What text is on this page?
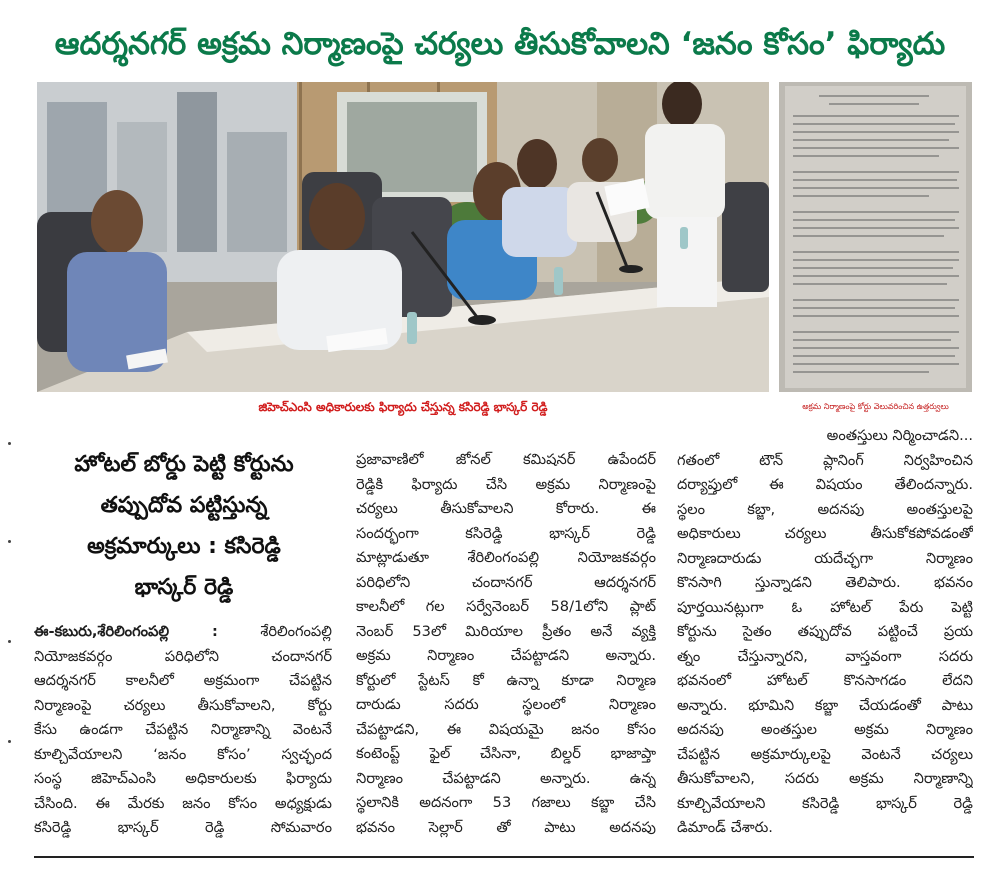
ఆదర్శనగర్ అక్రమ నిర్మాణంపై చర్యలు తీసుకోవాలని ‘జనం కోసం’ ఫిర్యాదు
జిహెచ్ఎంసి అధికారులకు ఫిర్యాదు చేస్తున్న కసిరెడ్డి భాస్కర్ రెడ్డి	అక్రమ నిర్మాణంపై కోర్టు వెలువరించిన ఉత్తర్వులు
హోటల్ బోర్డు పెట్టి కోర్టును
తప్పుదోవ పట్టిస్తున్న
అక్రమార్కులు : కసిరెడ్డి
భాస్కర్ రెడ్డి
ఈ-కబురు,శేరిలింగంపల్లి :	శేరిలింగంపల్లి
నియోజకవర్గం పరిధిలోని చందానగర్
ఆదర్శనగర్ కాలనీలో అక్రమంగా చేపట్టిన
నిర్మాణంపై చర్యలు తీసుకోవాలని, కోర్టు
కేసు ఉండగా చేపట్టిన నిర్మాణాన్ని వెంటనే
కూల్చివేయాలని ‘జనం కోసం’ స్వచ్ఛంద
సంస్థ జిహెచ్ఎంసి అధికారులకు ఫిర్యాదు
చేసింది. ఈ మేరకు జనం కోసం అధ్యక్షుడు
కసిరెడ్డి భాస్కర్ రెడ్డి సోమవారం
ప్రజావాణిలో జోనల్ కమిషనర్ ఉపేందర్
రెడ్డికి ఫిర్యాదు చేసి అక్రమ నిర్మాణంపై
చర్యలు తీసుకోవాలని కోరారు. ఈ
సందర్భంగా కసిరెడ్డి భాస్కర్ రెడ్డి
మాట్లాడుతూ శేరిలింగంపల్లి నియోజకవర్గం
పరిధిలోని చందానగర్ ఆదర్శనగర్
కాలనీలో గల సర్వేనెంబర్ 58/1లోని ప్లాట్
నెంబర్ 53లో మిరియాల ప్రీతం అనే వ్యక్తి
అక్రమ నిర్మాణం చేపట్టాడని అన్నారు.
కోర్టులో స్టేటస్ కో ఉన్నా కూడా నిర్మాణ
దారుడు సదరు స్థలంలో నిర్మాణం
చేపట్టాడని, ఈ విషయమై జనం కోసం
కంటెంప్ట్ ఫైల్ చేసినా, బిల్డర్ భాజాప్తా
నిర్మాణం చేపట్టాడని అన్నారు. ఉన్న
స్థలానికి అదనంగా 53 గజాలు కబ్జా చేసి
భవనం సెల్లార్ తో పాటు అదనపు
అంతస్తులు నిర్మించాడని...
గతంలో టౌన్ ప్లానింగ్ నిర్వహించిన
దర్యాప్తులో ఈ విషయం తేలిందన్నారు.
స్థలం కబ్జా, అదనపు అంతస్తులపై
అధికారులు చర్యలు తీసుకోకపోవడంతో
నిర్మాణదారుడు యదేచ్ఛగా నిర్మాణం
కొనసాగి స్తున్నాడని తెలిపారు. భవనం
పూర్తయినట్లుగా ఓ హోటల్ పేరు పెట్టి
కోర్టును సైతం తప్పుదోవ పట్టించే ప్రయ
త్నం చేస్తున్నారని, వాస్తవంగా సదరు
భవనంలో హోటల్ కొనసాగడం లేదని
అన్నారు. భూమిని కబ్జా చేయడంతో పాటు
అదనపు అంతస్తుల అక్రమ నిర్మాణం
చేపట్టిన అక్రమార్కులపై వెంటనే చర్యలు
తీసుకోవాలని, సదరు అక్రమ నిర్మాణాన్ని
కూల్చివేయాలని కసిరెడ్డి భాస్కర్ రెడ్డి
డిమాండ్ చేశారు.
